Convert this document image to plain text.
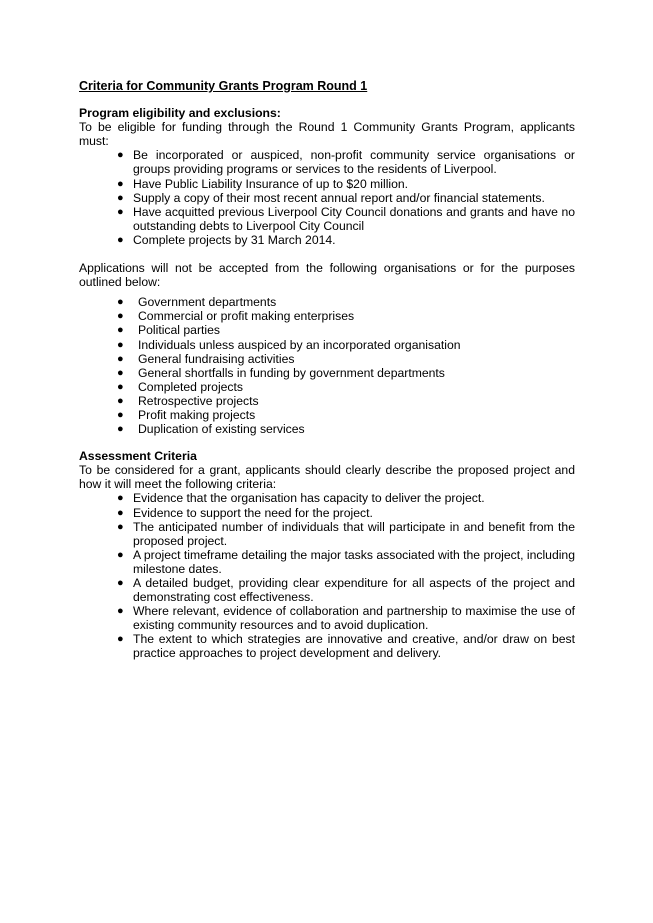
Criteria for Community Grants Program Round 1
Program eligibility and exclusions:

To be eligible for funding through the Round 1 Community Grants Program, applicants must:

● Be incorporated or auspiced, non-profit community service organisations or groups providing programs or services to the residents of Liverpool.
● Have Public Liability Insurance of up to $20 million.
● Supply a copy of their most recent annual report and/or financial statements.
● Have acquitted previous Liverpool City Council donations and grants and have no outstanding debts to Liverpool City Council
● Complete projects by 31 March 2014.

Applications will not be accepted from the following organisations or for the purposes outlined below:

● Government departments
● Commercial or profit making enterprises
● Political parties
● Individuals unless auspiced by an incorporated organisation
● General fundraising activities
● General shortfalls in funding by government departments
● Completed projects
● Retrospective projects
● Profit making projects
● Duplication of existing services
Assessment Criteria

To be considered for a grant, applicants should clearly describe the proposed project and how it will meet the following criteria:

● Evidence that the organisation has capacity to deliver the project.
● Evidence to support the need for the project.
● The anticipated number of individuals that will participate in and benefit from the proposed project.
● A project timeframe detailing the major tasks associated with the project, including milestone dates.
● A detailed budget, providing clear expenditure for all aspects of the project and demonstrating cost effectiveness.
● Where relevant, evidence of collaboration and partnership to maximise the use of existing community resources and to avoid duplication.
● The extent to which strategies are innovative and creative, and/or draw on best practice approaches to project development and delivery.
